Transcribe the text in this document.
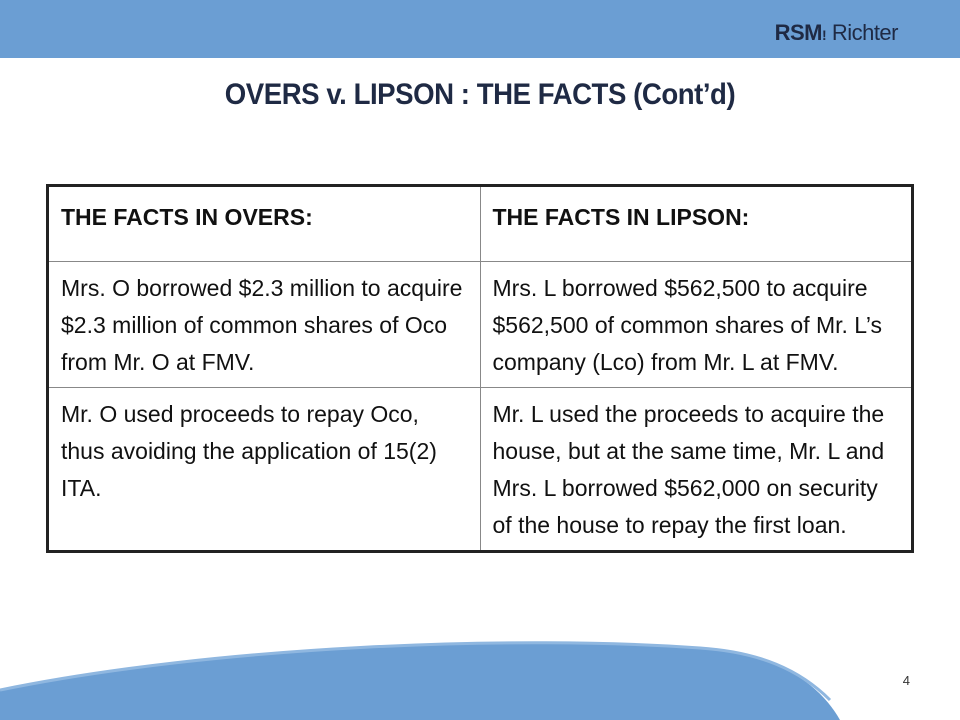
RSM! Richter
OVERS v. LIPSON : THE FACTS (Cont’d)
THE FACTS IN OVERS:	THE FACTS IN LIPSON:
Mrs. O borrowed $2.3 million to acquire $2.3 million of common shares of Oco from Mr. O at FMV.	Mrs. L borrowed $562,500 to acquire $562,500 of common shares of Mr. L’s company (Lco) from Mr. L at FMV.
Mr. O used proceeds to repay Oco, thus avoiding the application of 15(2) ITA.	Mr. L used the proceeds to acquire the house, but at the same time, Mr. L and Mrs. L borrowed $562,000 on security of the house to repay the first loan.
4
